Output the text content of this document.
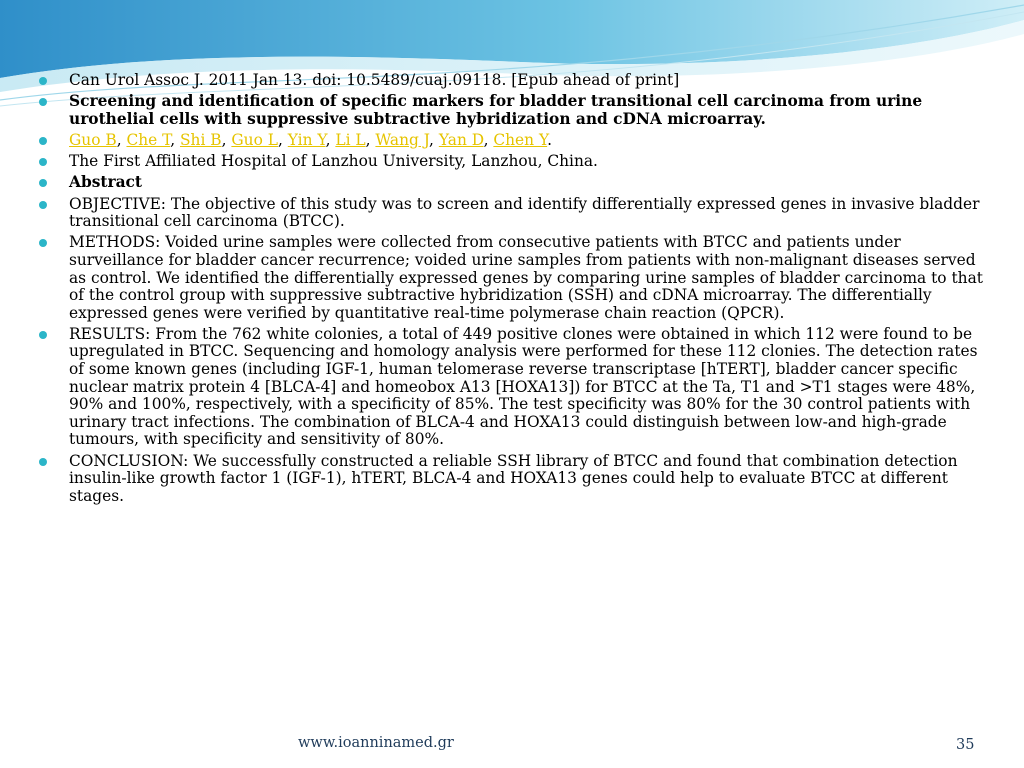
Can Urol Assoc J. 2011 Jan 13. doi: 10.5489/cuaj.09118. [Epub ahead of print]
Screening and identification of specific markers for bladder transitional cell carcinoma from urine urothelial cells with suppressive subtractive hybridization and cDNA microarray.
Guo B, Che T, Shi B, Guo L, Yin Y, Li L, Wang J, Yan D, Chen Y.
The First Affiliated Hospital of Lanzhou University, Lanzhou, China.
Abstract
OBJECTIVE: The objective of this study was to screen and identify differentially expressed genes in invasive bladder transitional cell carcinoma (BTCC).
METHODS: Voided urine samples were collected from consecutive patients with BTCC and patients under surveillance for bladder cancer recurrence; voided urine samples from patients with non-malignant diseases served as control. We identified the differentially expressed genes by comparing urine samples of bladder carcinoma to that of the control group with suppressive subtractive hybridization (SSH) and cDNA microarray. The differentially expressed genes were verified by quantitative real-time polymerase chain reaction (QPCR).
RESULTS: From the 762 white colonies, a total of 449 positive clones were obtained in which 112 were found to be upregulated in BTCC. Sequencing and homology analysis were performed for these 112 clonies. The detection rates of some known genes (including IGF-1, human telomerase reverse transcriptase [hTERT], bladder cancer specific nuclear matrix protein 4 [BLCA-4] and homeobox A13 [HOXA13]) for BTCC at the Ta, T1 and >T1 stages were 48%, 90% and 100%, respectively, with a specificity of 85%. The test specificity was 80% for the 30 control patients with urinary tract infections. The combination of BLCA-4 and HOXA13 could distinguish between low-and high-grade tumours, with specificity and sensitivity of 80%.
CONCLUSION: We successfully constructed a reliable SSH library of BTCC and found that combination detection insulin-like growth factor 1 (IGF-1), hTERT, BLCA-4 and HOXA13 genes could help to evaluate BTCC at different stages.
www.ioanninamed.gr	35
